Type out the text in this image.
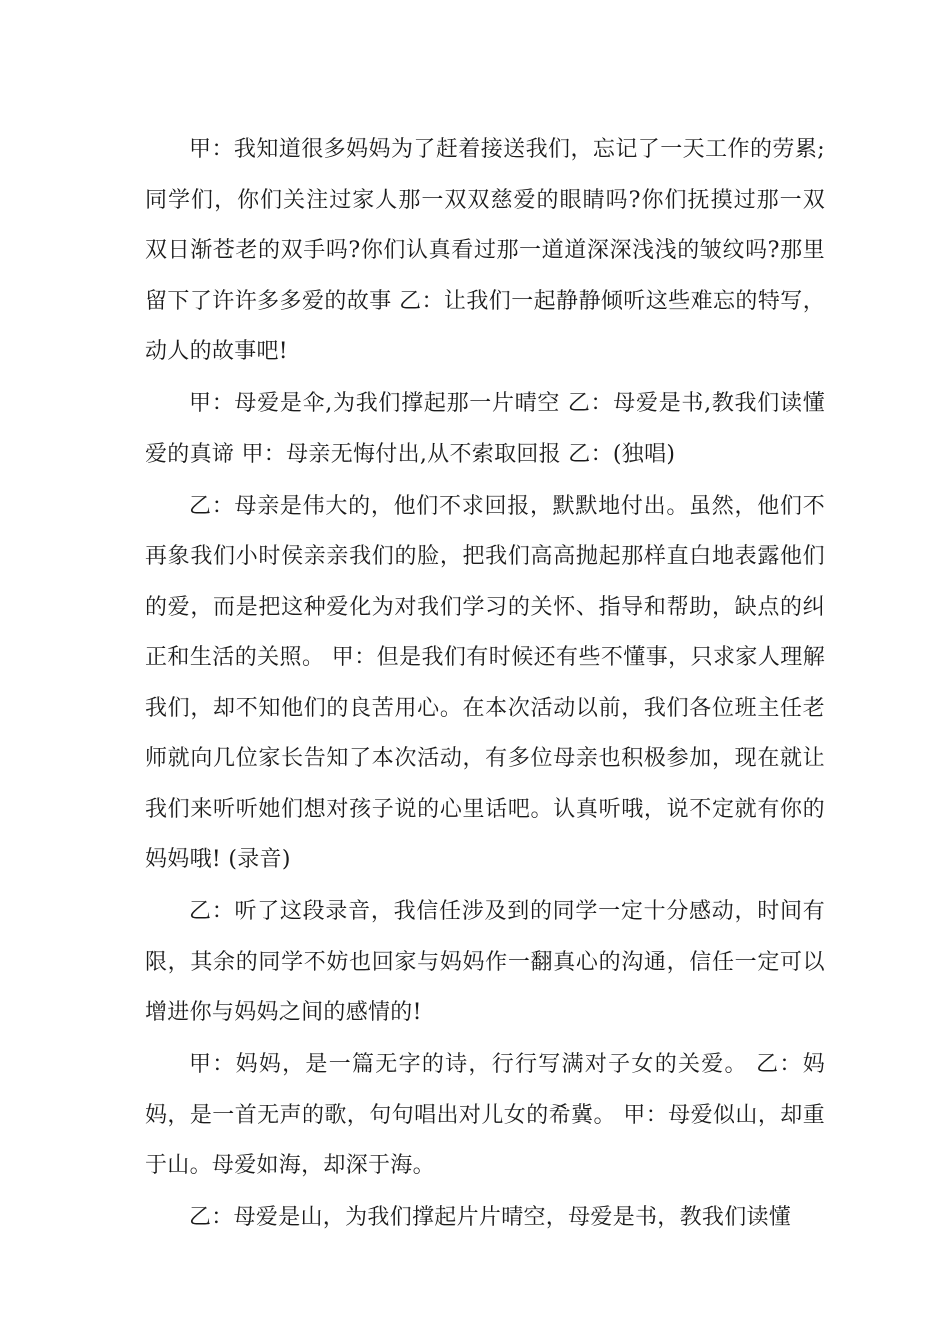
甲：我知道很多妈妈为了赶着接送我们，忘记了一天工作的劳累;同学们，你们关注过家人那一双双慈爱的眼睛吗?你们抚摸过那一双双日渐苍老的双手吗?你们认真看过那一道道深深浅浅的皱纹吗?那里留下了许许多多爱的故事 乙：让我们一起静静倾听这些难忘的特写，动人的故事吧!

甲：母爱是伞,为我们撑起那一片晴空 乙：母爱是书,教我们读懂爱的真谛 甲：母亲无悔付出,从不索取回报 乙：(独唱)

乙：母亲是伟大的，他们不求回报，默默地付出。虽然，他们不再象我们小时侯亲亲我们的脸，把我们高高抛起那样直白地表露他们的爱，而是把这种爱化为对我们学习的关怀、指导和帮助，缺点的纠正和生活的关照。 甲：但是我们有时候还有些不懂事，只求家人理解我们，却不知他们的良苦用心。在本次活动以前，我们各位班主任老师就向几位家长告知了本次活动，有多位母亲也积极参加，现在就让我们来听听她们想对孩子说的心里话吧。认真听哦，说不定就有你的妈妈哦! (录音)

乙：听了这段录音，我信任涉及到的同学一定十分感动，时间有限，其余的同学不妨也回家与妈妈作一翻真心的沟通，信任一定可以增进你与妈妈之间的感情的!

甲：妈妈，是一篇无字的诗，行行写满对子女的关爱。 乙：妈妈，是一首无声的歌，句句唱出对儿女的希冀。 甲：母爱似山，却重于山。母爱如海，却深于海。

乙：母爱是山，为我们撑起片片晴空，母爱是书，教我们读懂
